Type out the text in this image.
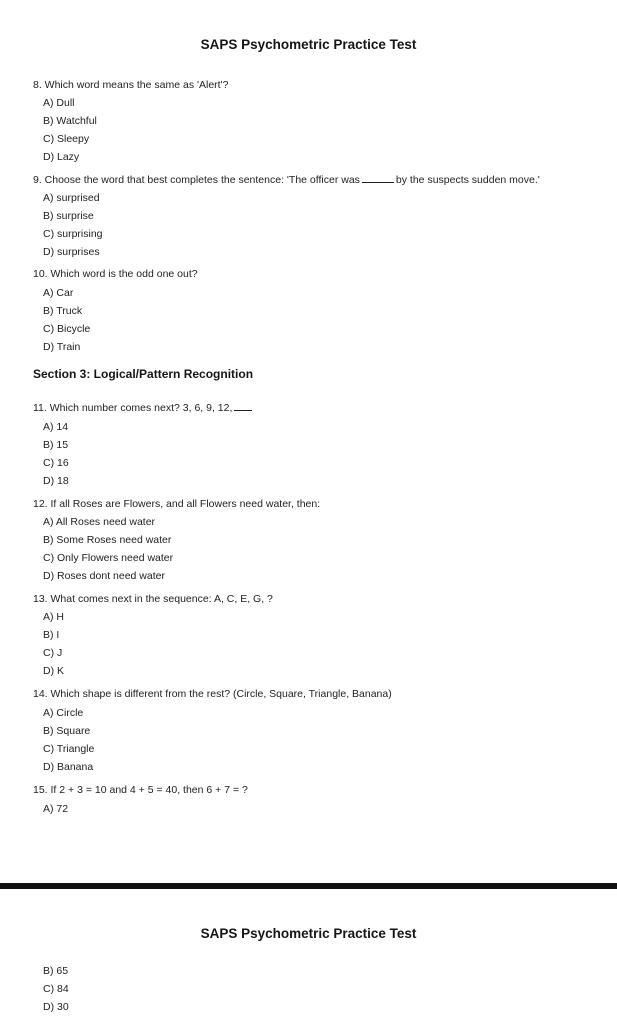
SAPS Psychometric Practice Test
8. Which word means the same as 'Alert'?
A) Dull
B) Watchful
C) Sleepy
D) Lazy
9. Choose the word that best completes the sentence: 'The officer was	by the suspects sudden move.'
A) surprised
B) surprise
C) surprising
D) surprises
10. Which word is the odd one out?
A) Car
B) Truck
C) Bicycle
D) Train
Section 3: Logical/Pattern Recognition
11. Which number comes next? 3, 6, 9, 12,
A) 14
B) 15
C) 16
D) 18
12. If all Roses are Flowers, and all Flowers need water, then:
A) All Roses need water
B) Some Roses need water
C) Only Flowers need water
D) Roses dont need water
13. What comes next in the sequence: A, C, E, G, ?
A) H
B) I
C) J
D) K
14. Which shape is different from the rest? (Circle, Square, Triangle, Banana)
A) Circle
B) Square
C) Triangle
D) Banana
15. If 2 + 3 = 10 and 4 + 5 = 40, then 6 + 7 = ?
A) 72
SAPS Psychometric Practice Test
B) 65
C) 84
D) 30
